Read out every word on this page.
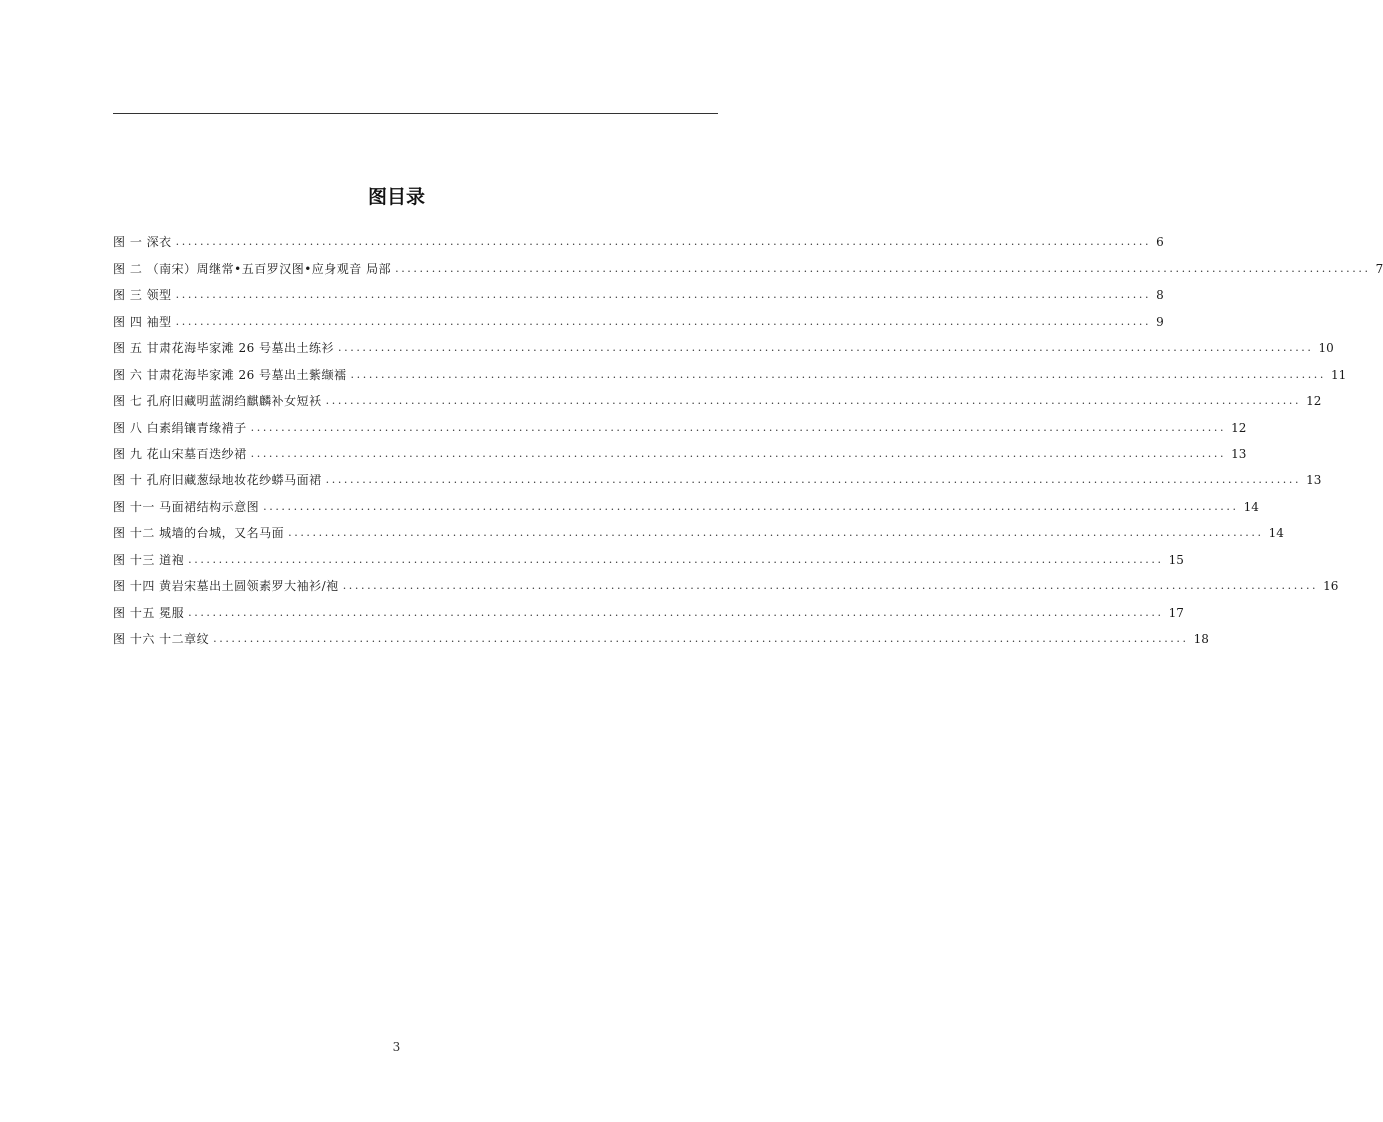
图目录
图 一 深衣 ................................................................................................................................................................ 6
图 二 （南宋）周继常•五百罗汉图•应身观音 局部 ................................................................................................................................................................ 7
图 三 领型 ................................................................................................................................................................ 8
图 四 袖型 ................................................................................................................................................................ 9
图 五 甘肃花海毕家滩 26 号墓出土练衫 ................................................................................................................................................................ 10
图 六 甘肃花海毕家滩 26 号墓出土紫缬襦 ................................................................................................................................................................ 11
图 七 孔府旧藏明蓝湖绉麒麟补女短袄 ................................................................................................................................................................ 12
图 八 白素绢镶青缘褙子 ................................................................................................................................................................ 12
图 九 花山宋墓百迭纱裙 ................................................................................................................................................................ 13
图 十 孔府旧藏葱绿地妆花纱蟒马面裙 ................................................................................................................................................................ 13
图 十一 马面裙结构示意图 ................................................................................................................................................................ 14
图 十二 城墙的台城，又名马面 ................................................................................................................................................................ 14
图 十三 道袍 ................................................................................................................................................................ 15
图 十四 黄岩宋墓出土圆领素罗大袖衫/袍 ................................................................................................................................................................ 16
图 十五 冕服 ................................................................................................................................................................ 17
图 十六 十二章纹 ................................................................................................................................................................ 18
3
